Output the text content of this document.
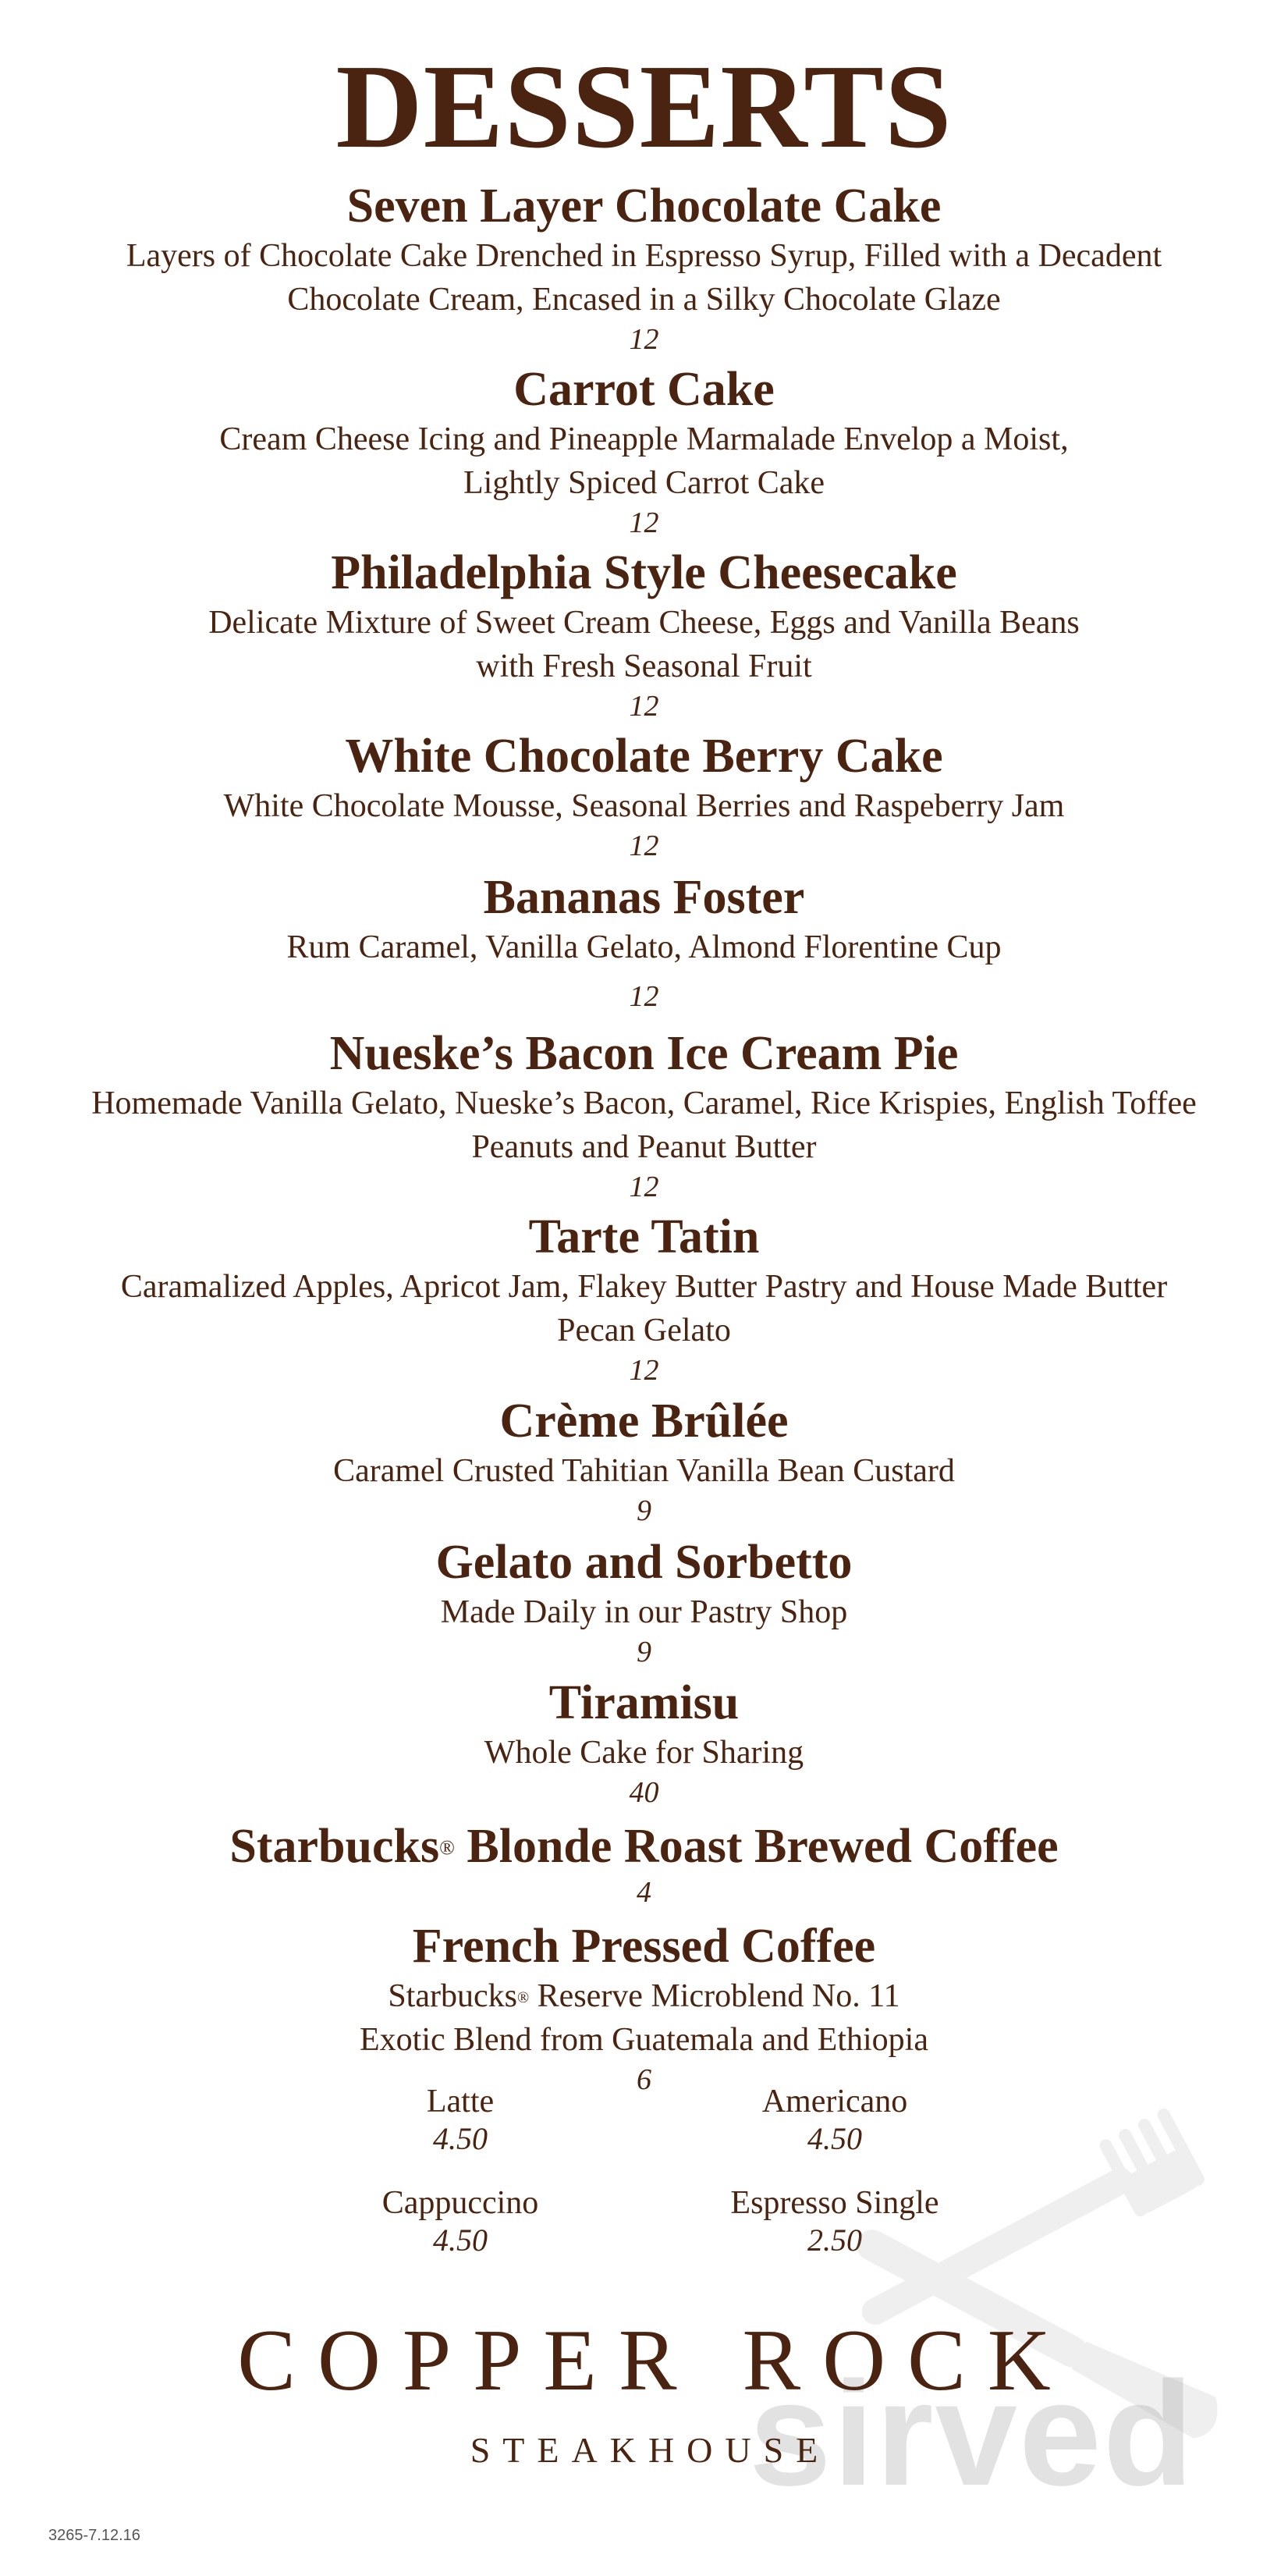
DESSERTS
Seven Layer Chocolate Cake
Layers of Chocolate Cake Drenched in Espresso Syrup, Filled with a Decadent
Chocolate Cream, Encased in a Silky Chocolate Glaze
12
Carrot Cake
Cream Cheese Icing and Pineapple Marmalade Envelop a Moist,
Lightly Spiced Carrot Cake
12
Philadelphia Style Cheesecake
Delicate Mixture of Sweet Cream Cheese, Eggs and Vanilla Beans
with Fresh Seasonal Fruit
12
White Chocolate Berry Cake
White Chocolate Mousse, Seasonal Berries and Raspeberry Jam
12
Bananas Foster
Rum Caramel, Vanilla Gelato, Almond Florentine Cup
12
Nueske’s Bacon Ice Cream Pie
Homemade Vanilla Gelato, Nueske’s Bacon, Caramel, Rice Krispies, English Toffee
Peanuts and Peanut Butter
12
Tarte Tatin
Caramalized Apples, Apricot Jam, Flakey Butter Pastry and House Made Butter
Pecan Gelato
12
Crème Brûlée
Caramel Crusted Tahitian Vanilla Bean Custard
9
Gelato and Sorbetto
Made Daily in our Pastry Shop
9
Tiramisu
Whole Cake for Sharing
40
Starbucks® Blonde Roast Brewed Coffee
4
French Pressed Coffee
Starbucks® Reserve Microblend No. 11
Exotic Blend from Guatemala and Ethiopia
6
Latte
4.50
Americano
4.50
Cappuccino
4.50
Espresso Single
2.50
sirved
COPPER ROCK
STEAKHOUSE
3265-7.12.16
